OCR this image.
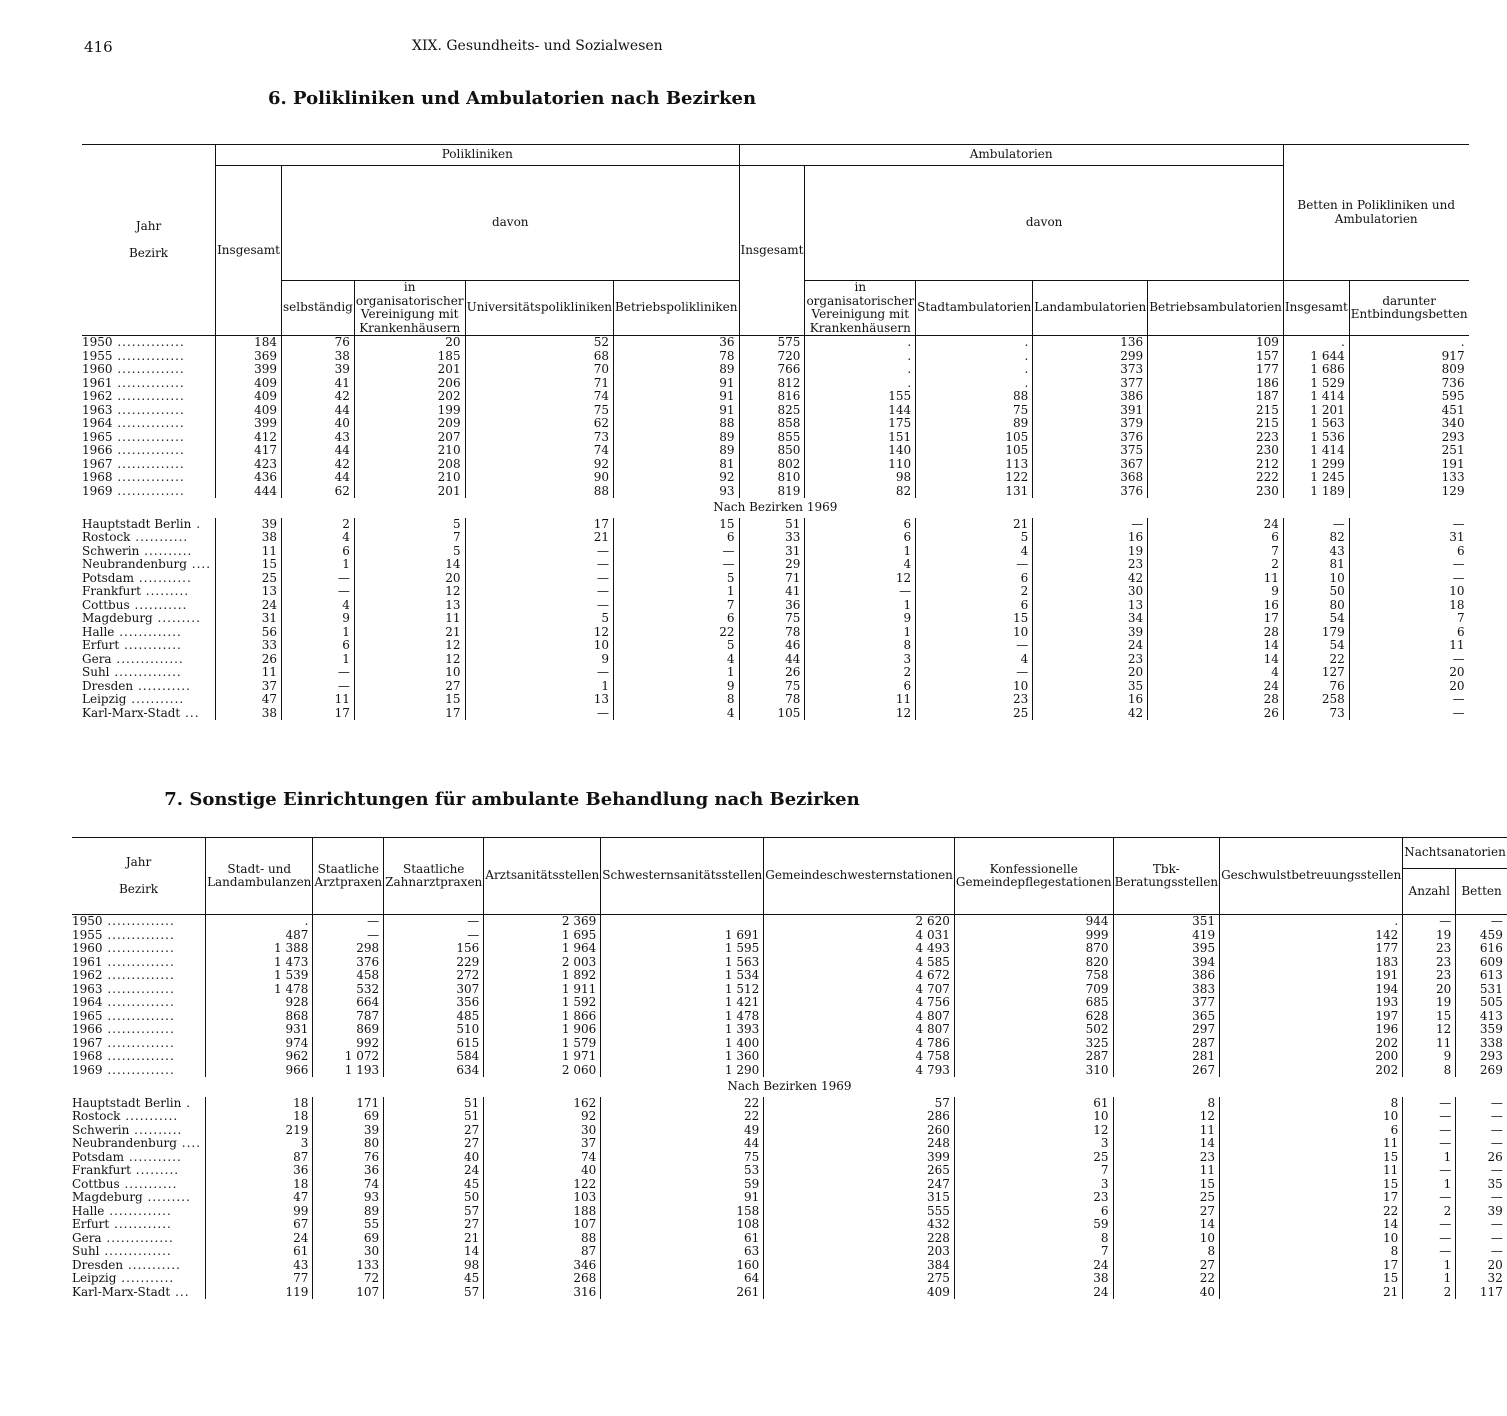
416	XIX. Gesundheits- und Sozialwesen
6. Polikliniken und Ambulatorien nach Bezirken
Jahr

Bezirk	Polikliniken					Ambulatorien					Betten in Polikliniken und Ambulatorien	
	Insgesamt	davon				Insgesamt	davon					
		selbständig	in organisatorischer Vereinigung mit Krankenhäusern	Universitätspolikliniken	Betriebspolikliniken		in organisatorischer Vereinigung mit Krankenhäusern	Stadtambulatorien	Landambulatorien	Betriebsambulatorien	Insgesamt	darunter Entbindungsbetten
1950 ..............	184	76	20	52	36	575	.	.	136	109	.	.
1955 ..............	369	38	185	68	78	720	.	.	299	157	1 644	917
1960 ..............	399	39	201	70	89	766	.	.	373	177	1 686	809
1961 ..............	409	41	206	71	91	812	.	.	377	186	1 529	736
1962 ..............	409	42	202	74	91	816	155	88	386	187	1 414	595
1963 ..............	409	44	199	75	91	825	144	75	391	215	1 201	451
1964 ..............	399	40	209	62	88	858	175	89	379	215	1 563	340
1965 ..............	412	43	207	73	89	855	151	105	376	223	1 536	293
1966 ..............	417	44	210	74	89	850	140	105	375	230	1 414	251
1967 ..............	423	42	208	92	81	802	110	113	367	212	1 299	191
1968 ..............	436	44	210	90	92	810	98	122	368	222	1 245	133
1969 ..............	444	62	201	88	93	819	82	131	376	230	1 189	129
Nach Bezirken 1969												
Hauptstadt Berlin .	39	2	5	17	15	51	6	21	—	24	—	—
Rostock ...........	38	4	7	21	6	33	6	5	16	6	82	31
Schwerin ..........	11	6	5	—	—	31	1	4	19	7	43	6
Neubrandenburg ....	15	1	14	—	—	29	4	—	23	2	81	—
Potsdam ...........	25	—	20	—	5	71	12	6	42	11	10	—
Frankfurt .........	13	—	12	—	1	41	—	2	30	9	50	10
Cottbus ...........	24	4	13	—	7	36	1	6	13	16	80	18
Magdeburg .........	31	9	11	5	6	75	9	15	34	17	54	7
Halle .............	56	1	21	12	22	78	1	10	39	28	179	6
Erfurt ............	33	6	12	10	5	46	8	—	24	14	54	11
Gera ..............	26	1	12	9	4	44	3	4	23	14	22	—
Suhl ..............	11	—	10	—	1	26	2	—	20	4	127	20
Dresden ...........	37	—	27	1	9	75	6	10	35	24	76	20
Leipzig ...........	47	11	15	13	8	78	11	23	16	28	258	—
Karl-Marx-Stadt ...	38	17	17	—	4	105	12	25	42	26	73	—
7. Sonstige Einrichtungen für ambulante Behandlung nach Bezirken
Jahr

Bezirk	Stadt- und Landambulanzen	Staatliche Arztpraxen	Staatliche Zahnarztpraxen	Arztsanitätsstellen	Schwesternsanitätsstellen	Gemeindeschwesternstationen	Konfessionelle Gemeindepflegestationen	Tbk-Beratungsstellen	Geschwulstbetreuungsstellen	Nachtsanatorien	
										Anzahl	Betten
1950 ..............	.	—	—	2 369		2 620	944	351	.	—	—
1955 ..............	487	—	—	1 695	1 691	4 031	999	419	142	19	459
1960 ..............	1 388	298	156	1 964	1 595	4 493	870	395	177	23	616
1961 ..............	1 473	376	229	2 003	1 563	4 585	820	394	183	23	609
1962 ..............	1 539	458	272	1 892	1 534	4 672	758	386	191	23	613
1963 ..............	1 478	532	307	1 911	1 512	4 707	709	383	194	20	531
1964 ..............	928	664	356	1 592	1 421	4 756	685	377	193	19	505
1965 ..............	868	787	485	1 866	1 478	4 807	628	365	197	15	413
1966 ..............	931	869	510	1 906	1 393	4 807	502	297	196	12	359
1967 ..............	974	992	615	1 579	1 400	4 786	325	287	202	11	338
1968 ..............	962	1 072	584	1 971	1 360	4 758	287	281	200	9	293
1969 ..............	966	1 193	634	2 060	1 290	4 793	310	267	202	8	269
Nach Bezirken 1969											
Hauptstadt Berlin .	18	171	51	162	22	57	61	8	8	—	—
Rostock ...........	18	69	51	92	22	286	10	12	10	—	—
Schwerin ..........	219	39	27	30	49	260	12	11	6	—	—
Neubrandenburg ....	3	80	27	37	44	248	3	14	11	—	—
Potsdam ...........	87	76	40	74	75	399	25	23	15	1	26
Frankfurt .........	36	36	24	40	53	265	7	11	11	—	—
Cottbus ...........	18	74	45	122	59	247	3	15	15	1	35
Magdeburg .........	47	93	50	103	91	315	23	25	17	—	—
Halle .............	99	89	57	188	158	555	6	27	22	2	39
Erfurt ............	67	55	27	107	108	432	59	14	14	—	—
Gera ..............	24	69	21	88	61	228	8	10	10	—	—
Suhl ..............	61	30	14	87	63	203	7	8	8	—	—
Dresden ...........	43	133	98	346	160	384	24	27	17	1	20
Leipzig ...........	77	72	45	268	64	275	38	22	15	1	32
Karl-Marx-Stadt ...	119	107	57	316	261	409	24	40	21	2	117
